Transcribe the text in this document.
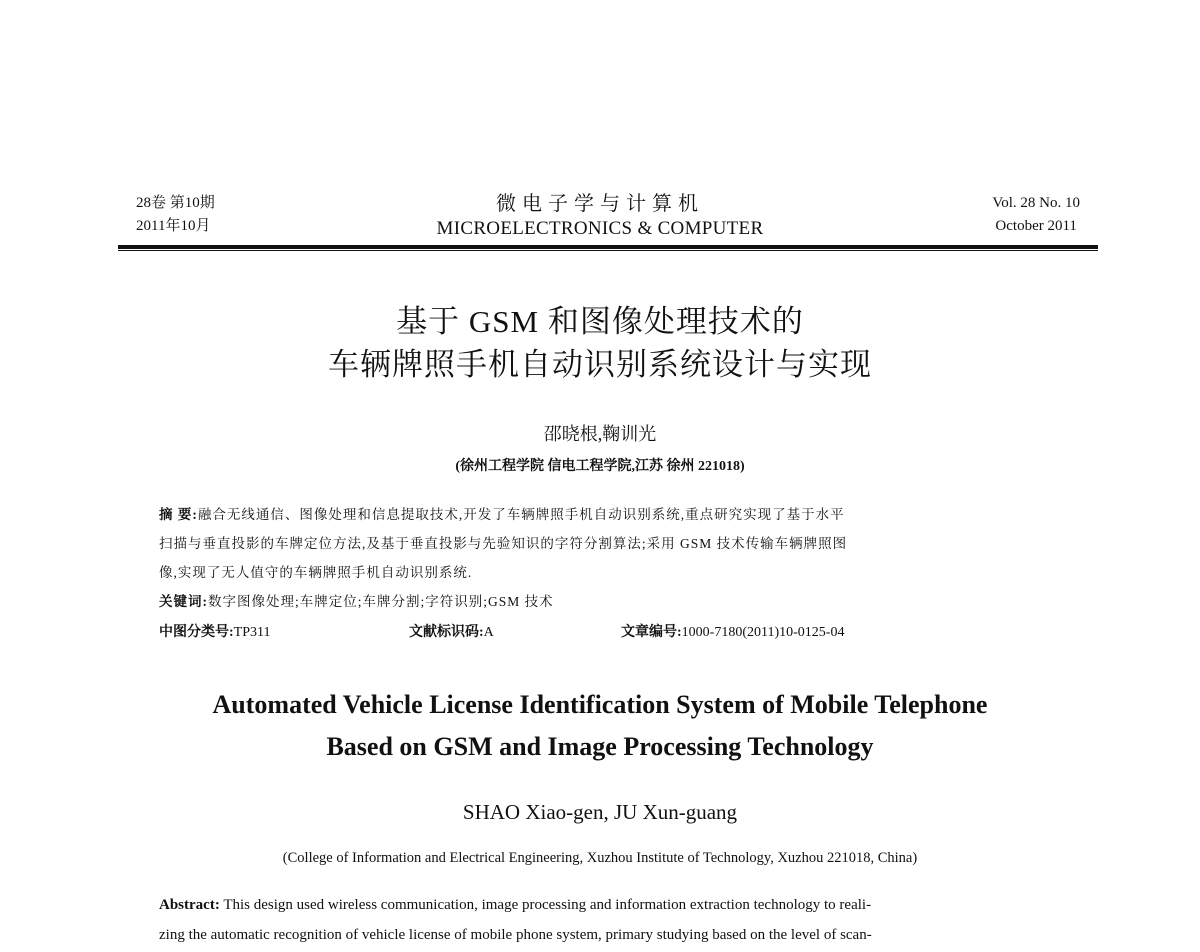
28卷 第10期
2011年10月
微电子学与计算机
MICROELECTRONICS & COMPUTER
Vol. 28 No. 10
October 2011
基于 GSM 和图像处理技术的
车辆牌照手机自动识别系统设计与实现
邵晓根,鞠训光
(徐州工程学院 信电工程学院,江苏 徐州 221018)
摘 要:融合无线通信、图像处理和信息提取技术,开发了车辆牌照手机自动识别系统,重点研究实现了基于水平
扫描与垂直投影的车牌定位方法,及基于垂直投影与先验知识的字符分割算法;采用 GSM 技术传输车辆牌照图
像,实现了无人值守的车辆牌照手机自动识别系统.
关键词:数字图像处理;车牌定位;车牌分割;字符识别;GSM 技术
中图分类号:TP311	文献标识码:A	文章编号:1000-7180(2011)10-0125-04
Automated Vehicle License Identification System of Mobile Telephone
Based on GSM and Image Processing Technology
SHAO Xiao-gen, JU Xun-guang
(College of Information and Electrical Engineering, Xuzhou Institute of Technology, Xuzhou 221018, China)
Abstract: This design used wireless communication, image processing and information extraction technology to reali-
zing the automatic recognition of vehicle license of mobile phone system, primary studying based on the level of scan-
